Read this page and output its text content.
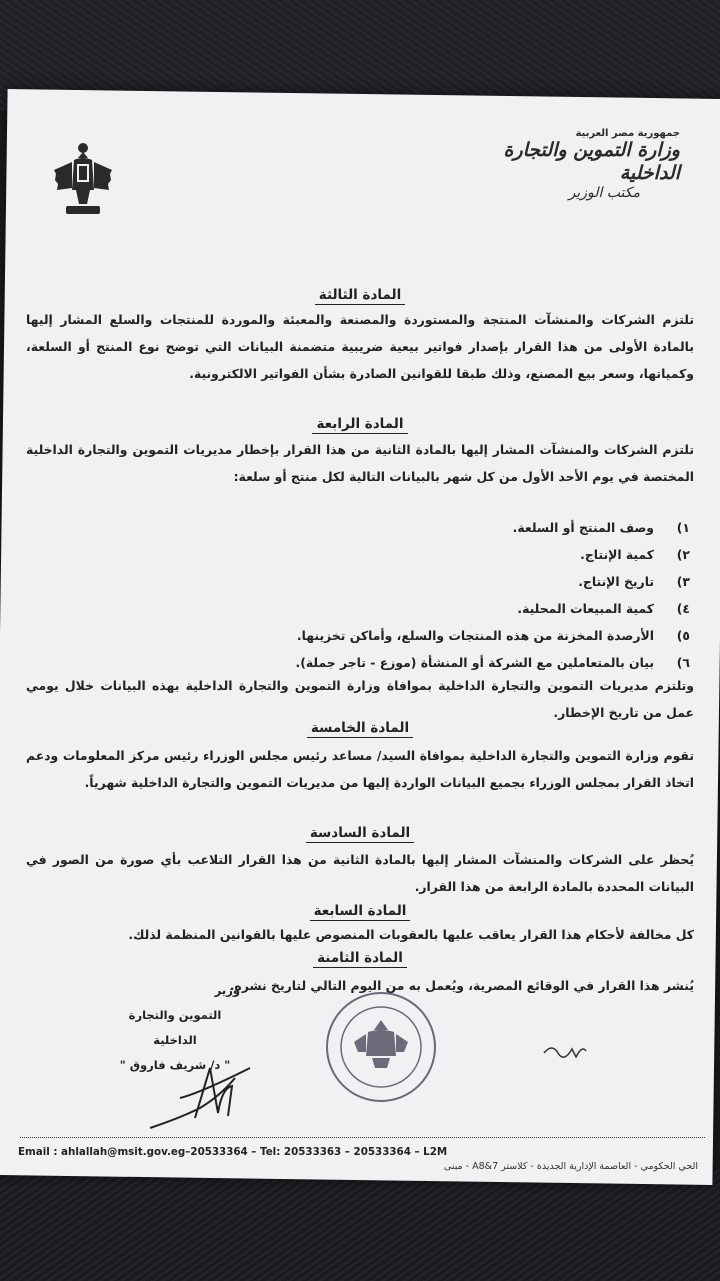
جمهورية مصر العربية
وزارة التموين والتجارة الداخلية
مكتب الوزير
المادة الثالثة
تلتزم الشركات والمنشآت المنتجة والمستوردة والمصنعة والمعبئة والموردة للمنتجات والسلع المشار إليها بالمادة الأولى من هذا القرار بإصدار فواتير بيعية ضريبية متضمنة البيانات التي توضح نوع المنتج أو السلعة، وكمياتها، وسعر بيع المصنع، وذلك طبقا للقوانين الصادرة بشأن الفواتير الالكترونية.
المادة الرابعة
تلتزم الشركات والمنشآت المشار إليها بالمادة الثانية من هذا القرار بإخطار مديريات التموين والتجارة الداخلية المختصة في يوم الأحد الأول من كل شهر بالبيانات التالية لكل منتج أو سلعة:
١)
وصف المنتج أو السلعة.
٢)
كمية الإنتاج.
٣)
تاريخ الإنتاج.
٤)
كمية المبيعات المحلية.
٥)
الأرصدة المخزنة من هذه المنتجات والسلع، وأماكن تخزينها.
٦)
بيان بالمتعاملين مع الشركة أو المنشأة (موزع - تاجر جملة).
وتلتزم مديريات التموين والتجارة الداخلية بموافاة وزارة التموين والتجارة الداخلية بهذه البيانات خلال يومي عمل من تاريخ الإخطار.
المادة الخامسة
تقوم وزارة التموين والتجارة الداخلية بموافاة السيد/ مساعد رئيس مجلس الوزراء رئيس مركز المعلومات ودعم اتخاذ القرار بمجلس الوزراء بجميع البيانات الواردة إليها من مديريات التموين والتجارة الداخلية شهرياً.
المادة السادسة
يُحظر على الشركات والمنشآت المشار إليها بالمادة الثانية من هذا القرار التلاعب بأي صورة من الصور في البيانات المحددة بالمادة الرابعة من هذا القرار.
المادة السابعة
كل مخالفة لأحكام هذا القرار يعاقب عليها بالعقوبات المنصوص عليها بالقوانين المنظمة لذلك.
المادة الثامنة
يُنشر هذا القرار في الوقائع المصرية، ويُعمل به من اليوم التالي لتاريخ نشره.
وزير
التموين والتجارة الداخلية
" د/ شريف فاروق "
Email : ahlallah@msit.gov.eg–20533364 – Tel: 20533363 – 20533364 – L2M
الحي الحكومي - العاصمة الإدارية الجديدة - كلاستر A8&7 - مبنى
